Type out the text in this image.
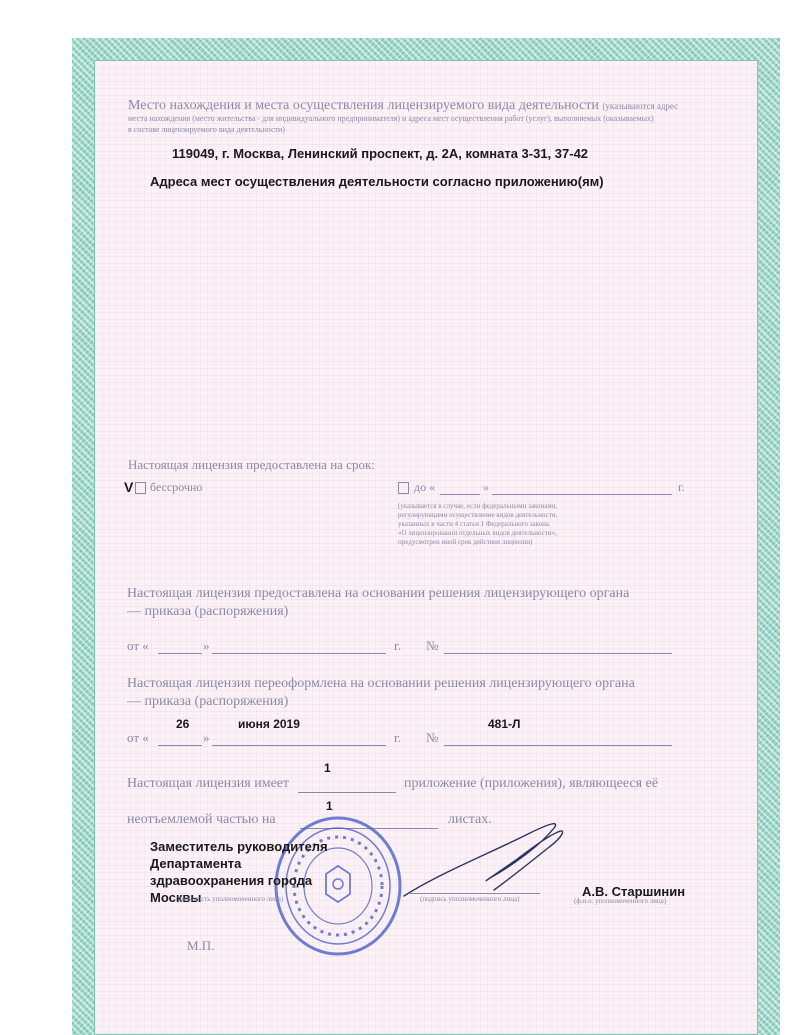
Место нахождения и места осуществления лицензируемого вида деятельности (указываются адрес
места нахождения (место жительства - для индивидуального предпринимателя) и адреса мест осуществления работ (услуг), выполняемых (оказываемых)
в составе лицензируемого вида деятельности)
119049, г. Москва, Ленинский проспект, д. 2А, комната 3-31, 37-42
Адреса мест осуществления деятельности согласно приложению(ям)
Настоящая лицензия предоставлена на срок:
V бессрочно	до «	»	г.
(указывается в случае, если федеральными законами,
регулирующими осуществление видов деятельности,
указанных в части 4 статьи 1 Федерального закона
«О лицензировании отдельных видов деятельности»,
предусмотрен иной срок действия лицензии)
Настоящая лицензия предоставлена на основании решения лицензирующего органа
— приказа (распоряжения)
от «	»	г. №
Настоящая лицензия переоформлена на основании решения лицензирующего органа
— приказа (распоряжения)
26	июня 2019	481-Л
от «	»	г. №
1
Настоящая лицензия имеет	приложение (приложения), являющееся её
1
неотъемлемой частью на	листах.
Заместитель руководителя
Департамента
здравоохранения города
Москвы
(должность уполномоченного лица)	(подпись уполномоченного лица)	А.В. Старшинин
(ф.и.о. уполномоченного лица)
М.П.
